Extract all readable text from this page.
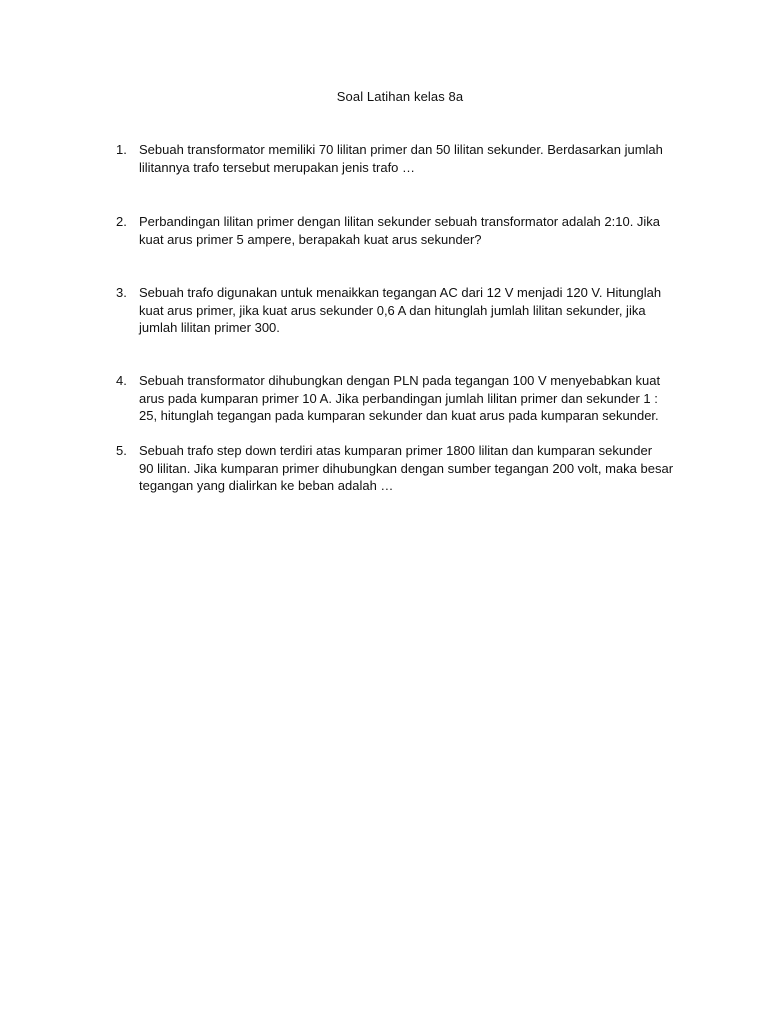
Soal Latihan kelas 8a
1. Sebuah transformator memiliki 70 lilitan primer dan 50 lilitan sekunder. Berdasarkan jumlah
lilitannya trafo tersebut merupakan jenis trafo …
2. Perbandingan lilitan primer dengan lilitan sekunder sebuah transformator adalah 2:10. Jika
kuat arus primer 5 ampere, berapakah kuat arus sekunder?
3. Sebuah trafo digunakan untuk menaikkan tegangan AC dari 12 V menjadi 120 V. Hitunglah
kuat arus primer, jika kuat arus sekunder 0,6 A dan hitunglah jumlah lilitan sekunder, jika
jumlah lilitan primer 300.
4. Sebuah transformator dihubungkan dengan PLN pada tegangan 100 V menyebabkan kuat
arus pada kumparan primer 10 A. Jika perbandingan jumlah lilitan primer dan sekunder 1 :
25, hitunglah tegangan pada kumparan sekunder dan kuat arus pada kumparan sekunder.
5. Sebuah trafo step down terdiri atas kumparan primer 1800 lilitan dan kumparan sekunder
90 lilitan. Jika kumparan primer dihubungkan dengan sumber tegangan 200 volt, maka besar
tegangan yang dialirkan ke beban adalah …
